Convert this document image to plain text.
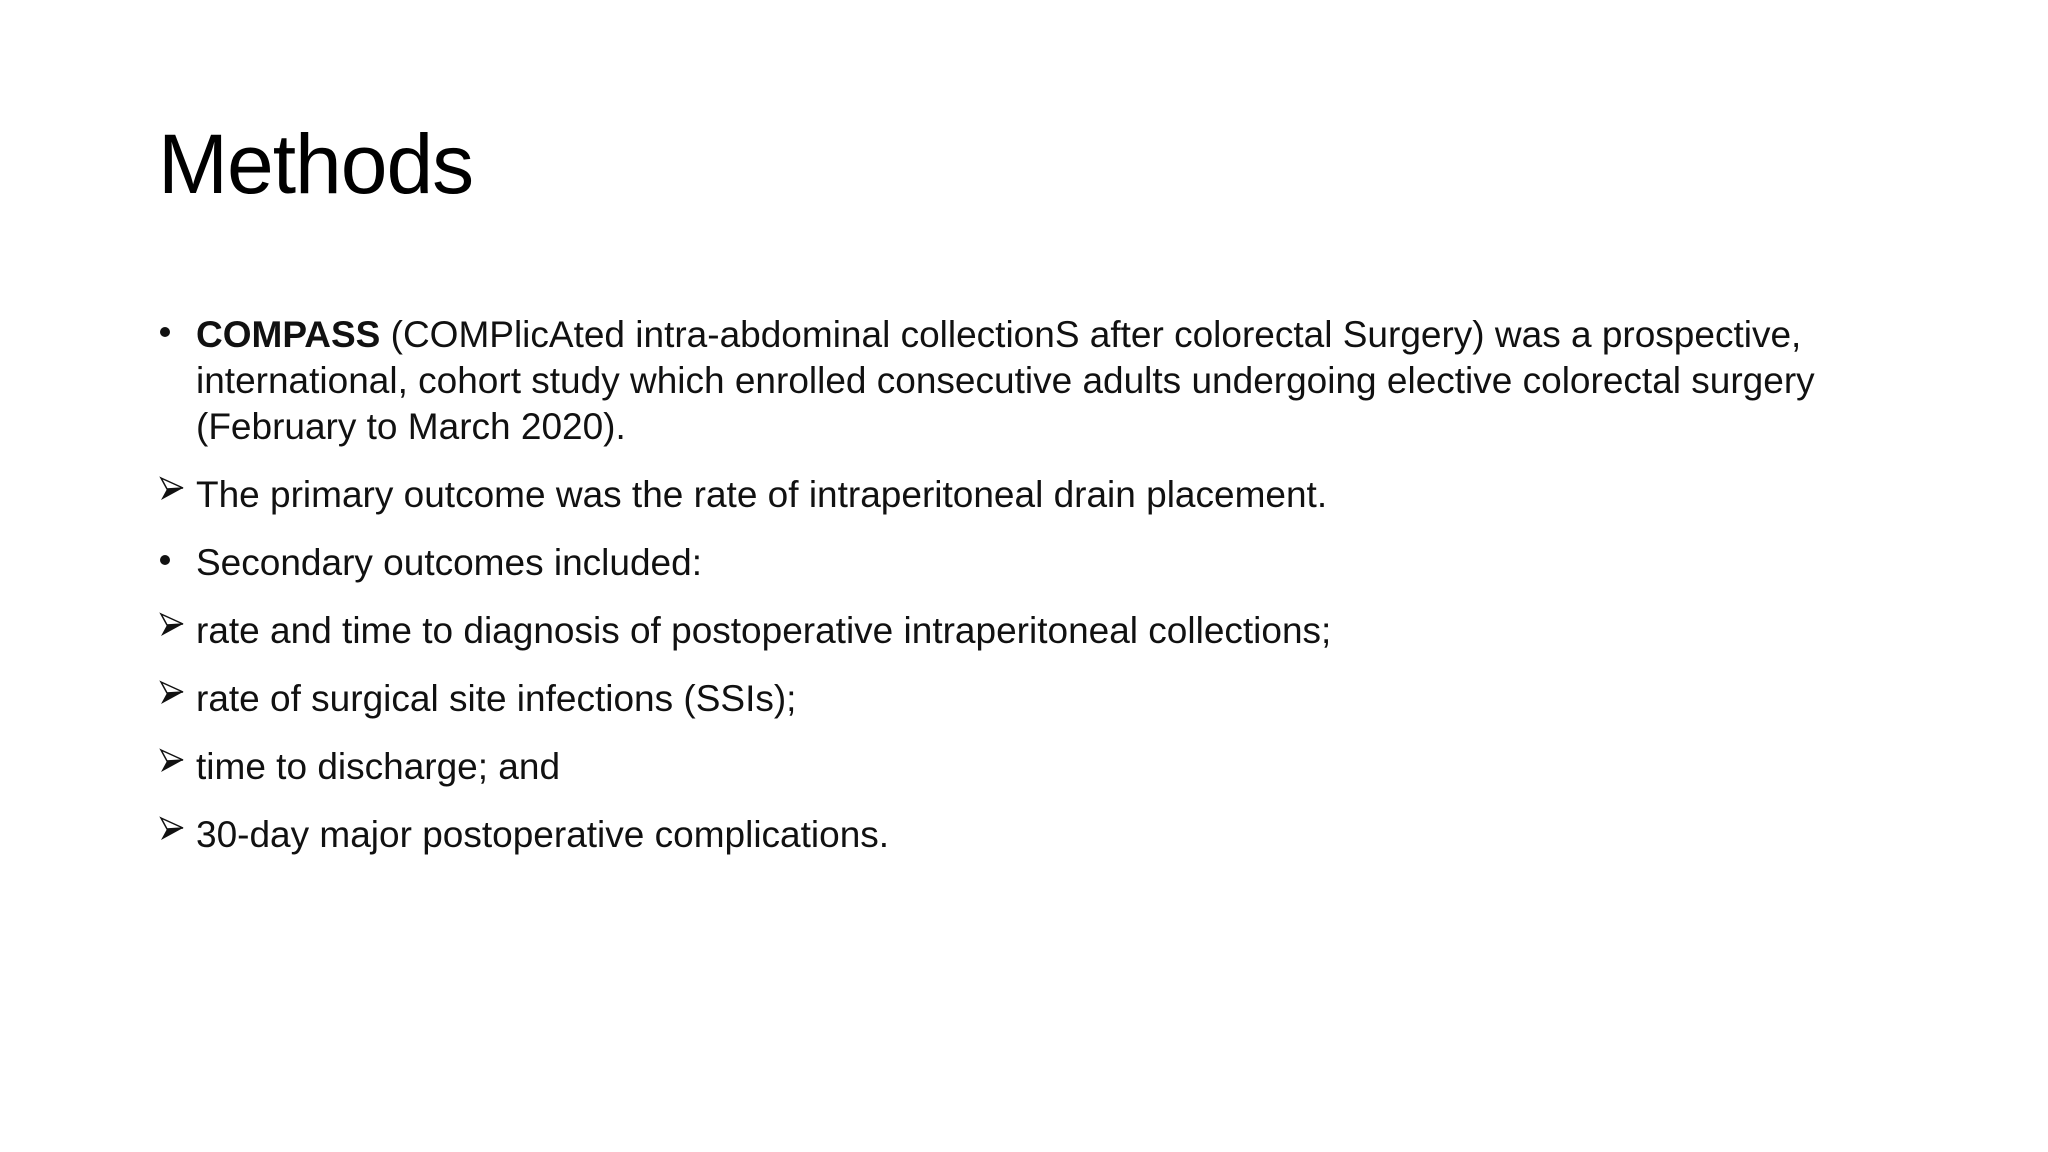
Methods
COMPASS (COMPlicAted intra-abdominal collectionS after colorectal Surgery) was a prospective, international, cohort study which enrolled consecutive adults undergoing elective colorectal surgery (February to March 2020).
The primary outcome was the rate of intraperitoneal drain placement.
Secondary outcomes included:
rate and time to diagnosis of postoperative intraperitoneal collections;
rate of surgical site infections (SSIs);
time to discharge; and
30-day major postoperative complications.
